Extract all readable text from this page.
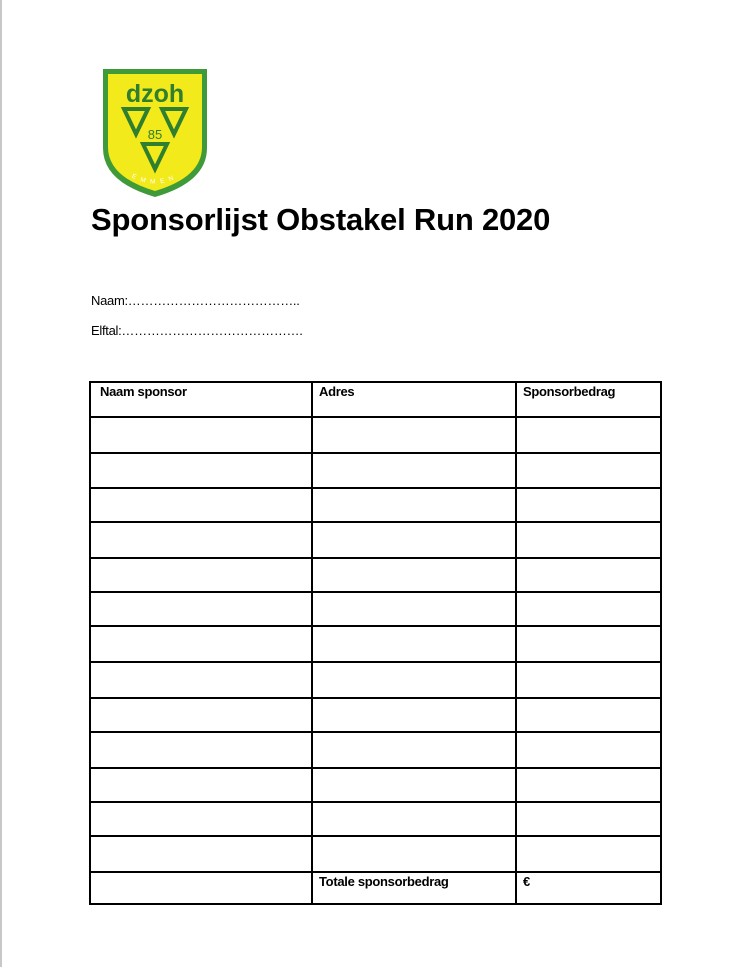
dzoh
85
EMMEN
Sponsorlijst Obstakel Run 2020
Naam:…………………………………..
Elftal:…………………………………….
Naam sponsor	Adres	Sponsorbedrag

	Totale sponsorbedrag	€
